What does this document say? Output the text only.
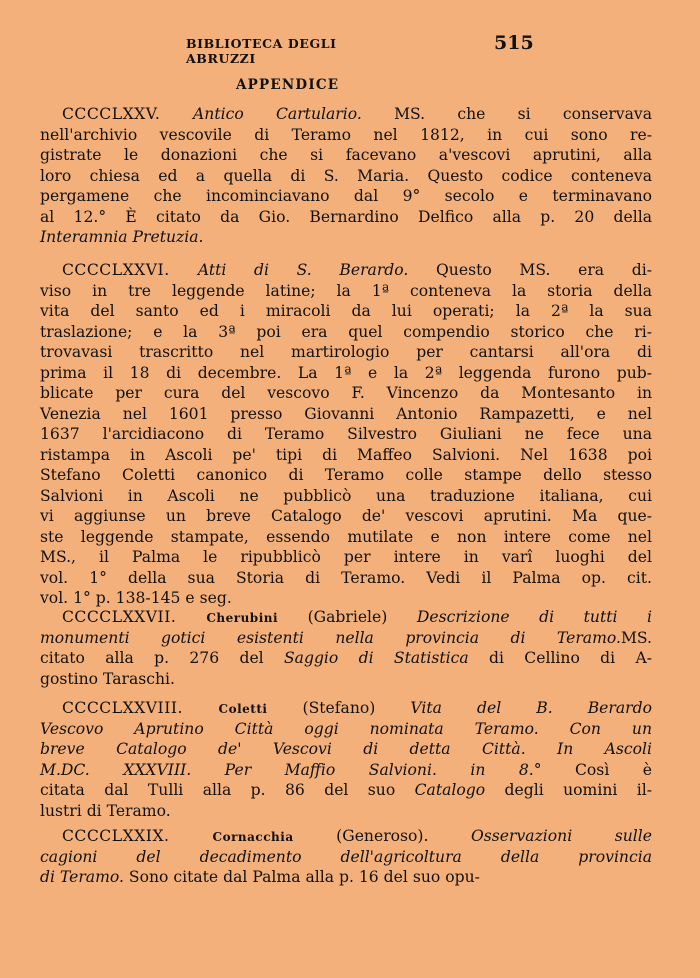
BIBLIOTECA DEGLI ABRUZZI
515
APPENDICE
CCCCLXXV. Antico Cartulario. MS. che si conservava
nell'archivio vescovile di Teramo nel 1812, in cui sono re-
gistrate le donazioni che si facevano a'vescovi aprutini, alla
loro chiesa ed a quella di S. Maria. Questo codice conteneva
pergamene che incominciavano dal 9° secolo e terminavano
al 12.° È citato da Gio. Bernardino Delfico alla p. 20 della
Interamnia Pretuzia.
CCCCLXXVI. Atti di S. Berardo. Questo MS. era di-
viso in tre leggende latine; la 1ª conteneva la storia della
vita del santo ed i miracoli da lui operati; la 2ª la sua
traslazione; e la 3ª poi era quel compendio storico che ri-
trovavasi trascritto nel martirologio per cantarsi all'ora di
prima il 18 di decembre. La 1ª e la 2ª leggenda furono pub-
blicate per cura del vescovo F. Vincenzo da Montesanto in
Venezia nel 1601 presso Giovanni Antonio Rampazetti, e nel
1637 l'arcidiacono di Teramo Silvestro Giuliani ne fece una
ristampa in Ascoli pe' tipi di Maffeo Salvioni. Nel 1638 poi
Stefano Coletti canonico di Teramo colle stampe dello stesso
Salvioni in Ascoli ne pubblicò una traduzione italiana, cui
vi aggiunse un breve Catalogo de' vescovi aprutini. Ma que-
ste leggende stampate, essendo mutilate e non intere come nel
MS., il Palma le ripubblicò per intere in varî luoghi del
vol. 1° della sua Storia di Teramo. Vedi il Palma op. cit.
vol. 1° p. 138-145 e seg.
CCCCLXXVII. Cherubini (Gabriele) Descrizione di tutti i
monumenti gotici esistenti nella provincia di Teramo.MS.
citato alla p. 276 del Saggio di Statistica di Cellino di A-
gostino Taraschi.
CCCCLXXVIII. Coletti (Stefano) Vita del B. Berardo
Vescovo Aprutino Città oggi nominata Teramo. Con un
breve Catalogo de' Vescovi di detta Città. In Ascoli
M.DC. XXXVIII. Per Maffio Salvioni. in 8.° Così è
citata dal Tulli alla p. 86 del suo Catalogo degli uomini il-
lustri di Teramo.
CCCCLXXIX. Cornacchia (Generoso). Osservazioni sulle
cagioni del decadimento dell'agricoltura della provincia
di Teramo. Sono citate dal Palma alla p. 16 del suo opu-
